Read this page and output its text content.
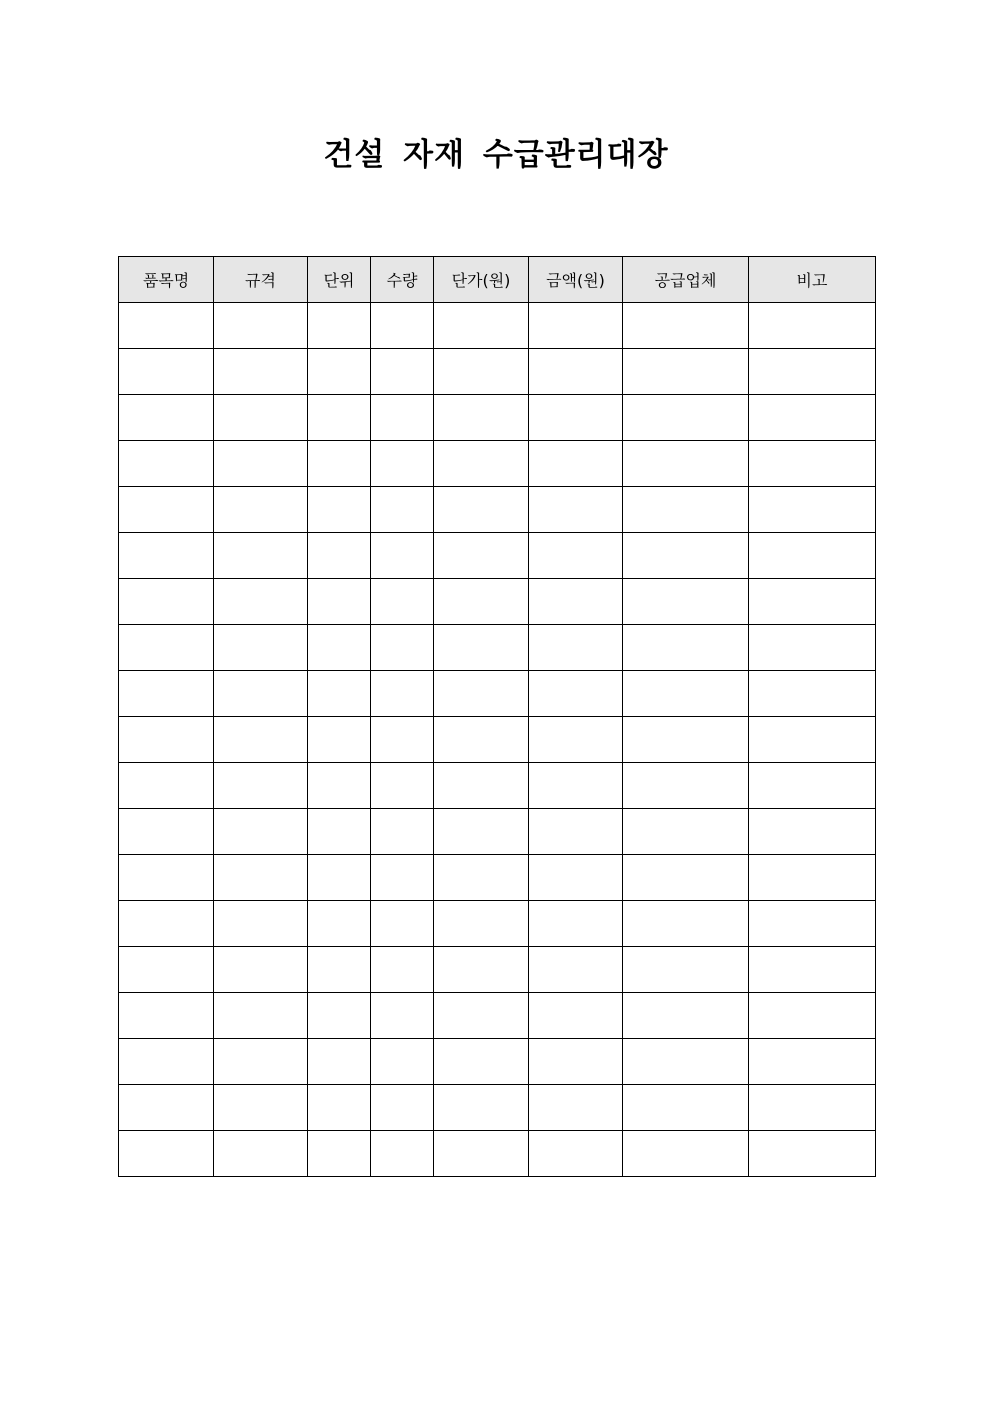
건설 자재 수급관리대장
품목명	규격	단위	수량	단가(원)	금액(원)	공급업체	비고
